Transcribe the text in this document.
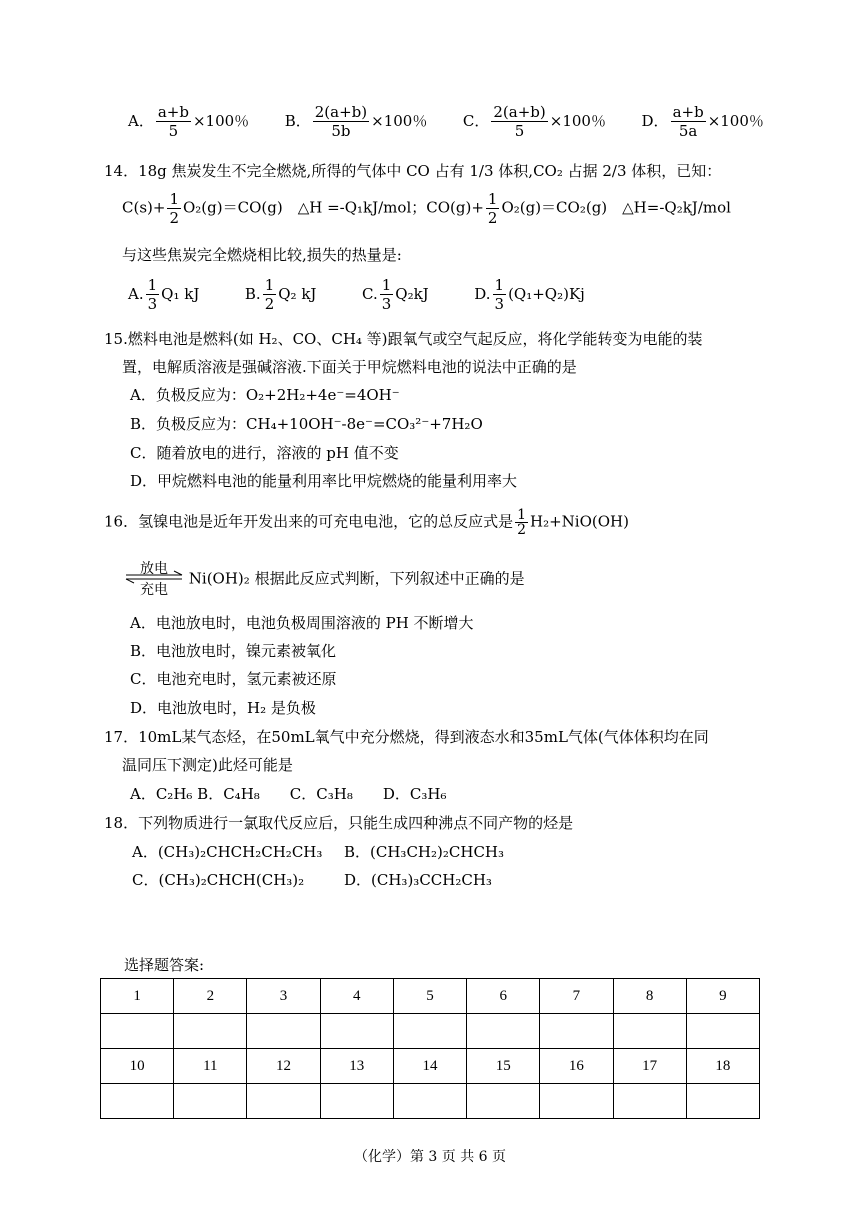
A． $\frac{a+b}{5} \times 100$％ B． $\frac{2(a+b)}{5b} \times 100$％ C． $\frac{2(a+b)}{5} \times 100$％ D． $\frac{a+b}{5a} \times 100$％
14．18g 焦炭发生不完全燃烧,所得的气体中 CO 占有 1/3 体积,CO₂ 占据 2/3 体积，已知：
$C(s)+ \frac{1}{2} O_2(g)=CO(g)$　△H =-Q₁kJ/mol；$CO(g)+ \frac{1}{2} O_2(g)=CO_2(g)$　△H=-Q₂kJ/mol
与这些焦炭完全燃烧相比较,损失的热量是:
A. $\frac{1}{3} Q_1$ kJ	B. $\frac{1}{2} Q_2$ kJ	C. $\frac{1}{3} Q_2kJ$	D. $\frac{1}{3} (Q_1+Q_2)Kj$
15.燃料电池是燃料(如 H₂、CO、CH₄ 等)跟氧气或空气起反应，将化学能转变为电能的装
置，电解质溶液是强碱溶液.下面关于甲烷燃料电池的说法中正确的是
A．负极反应为：O₂+2H₂+4e⁻=4OH⁻
B．负极反应为：CH₄+10OH⁻-8e⁻=CO₃²⁻+7H₂O
C．随着放电的进行，溶液的 pH 值不变
D．甲烷燃料电池的能量利用率比甲烷燃烧的能量利用率大
16．氢镍电池是近年开发出来的可充电电池，它的总反应式是 $\frac{1}{2} H_2+NiO(OH)$
放电
充电
Ni(OH)₂ 根据此反应式判断，下列叙述中正确的是
A．电池放电时，电池负极周围溶液的 PH 不断增大
B．电池放电时，镍元素被氧化
C．电池充电时，氢元素被还原
D．电池放电时，H₂ 是负极
17．10mL某气态烃，在50mL氧气中充分燃烧，得到液态水和35mL气体(气体体积均在同
温同压下测定)此烃可能是
A．C₂H₆ B．C₄H₈　　C．C₃H₈　　D．C₃H₆
18．下列物质进行一氯取代反应后，只能生成四种沸点不同产物的烃是
A．(CH₃)₂CHCH₂CH₂CH₃ B．(CH₃CH₂)₂CHCH₃
C．(CH₃)₂CHCH(CH₃)₂	D．(CH₃)₃CCH₂CH₃
选择题答案:
1	2	3	4	5	6	7	8	9

10	11	12	13	14	15	16	17	18

（化学）第 3 页 共 6 页
